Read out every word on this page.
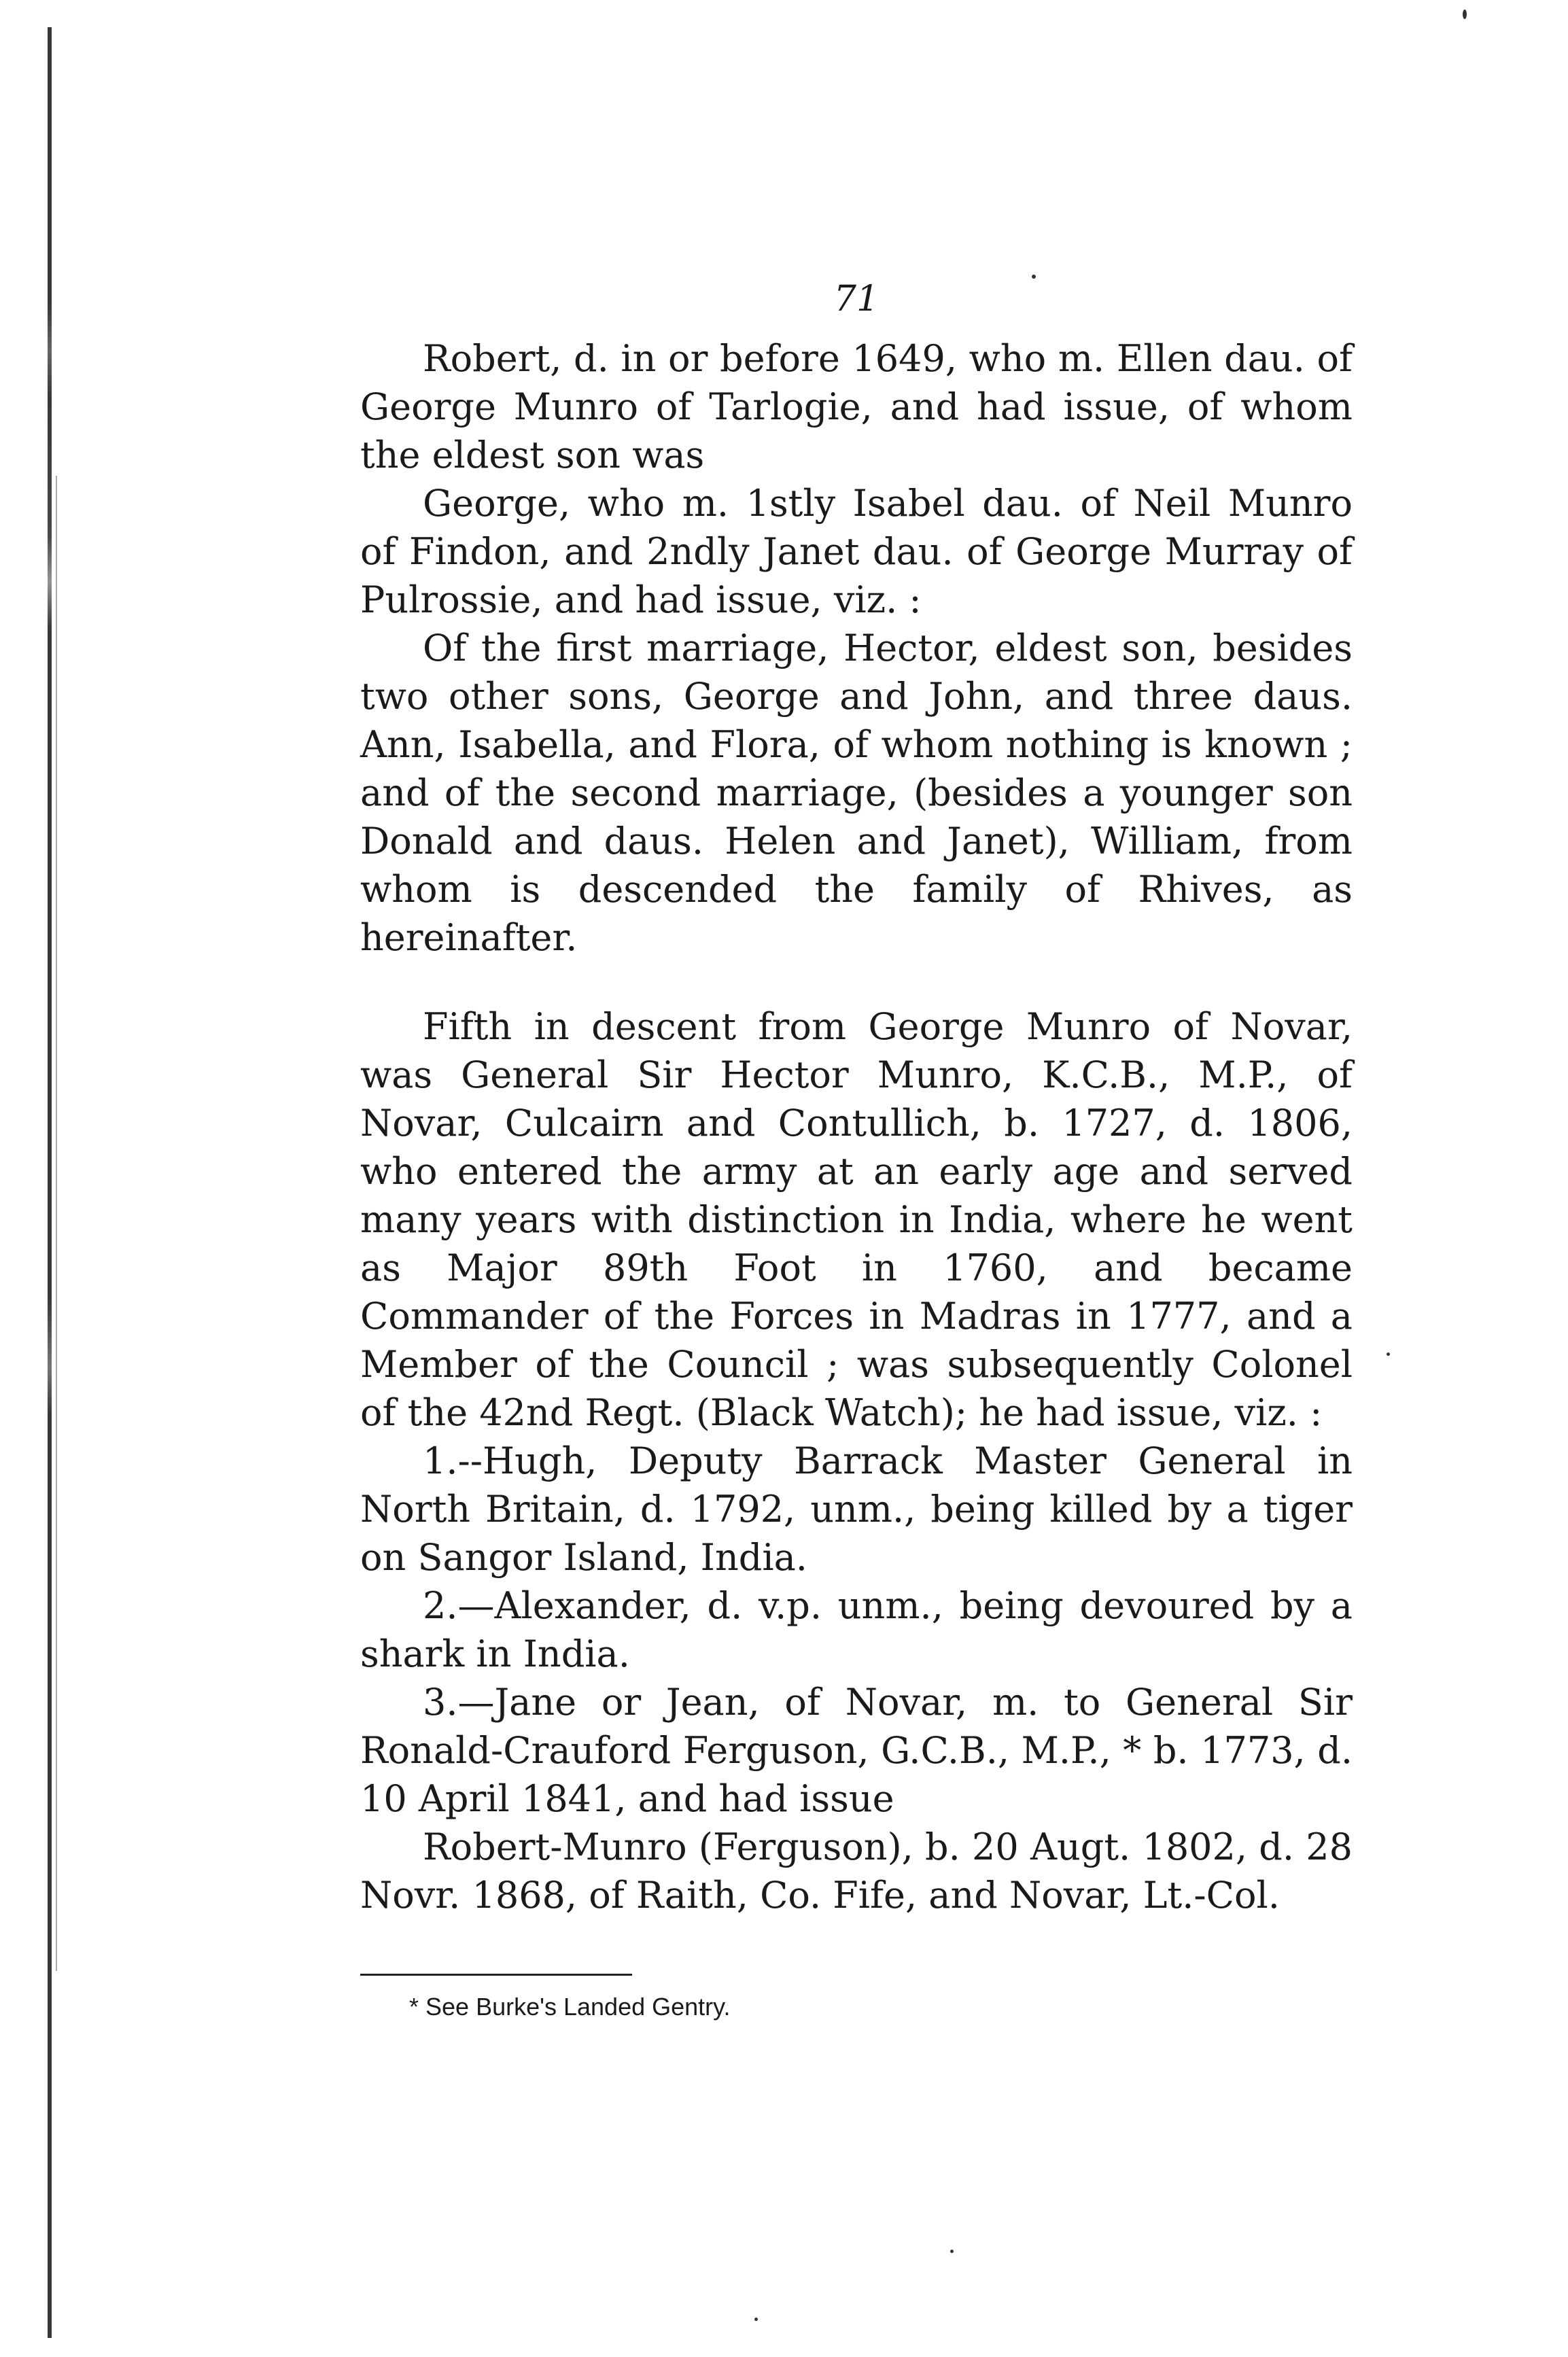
71

Robert, d. in or before 1649, who m. Ellen dau. of George Munro of Tarlogie, and had issue, of whom the eldest son was

George, who m. 1stly Isabel dau. of Neil Munro of Findon, and 2ndly Janet dau. of George Murray of Pulrossie, and had issue, viz. :

Of the first marriage, Hector, eldest son, besides two other sons, George and John, and three daus. Ann, Isabella, and Flora, of whom nothing is known ; and of the second marriage, (besides a younger son Donald and daus. Helen and Janet), William, from whom is descended the family of Rhives, as hereinafter.

Fifth in descent from George Munro of Novar, was General Sir Hector Munro, K.C.B., M.P., of Novar, Culcairn and Contullich, b. 1727, d. 1806, who entered the army at an early age and served many years with distinction in India, where he went as Major 89th Foot in 1760, and became Commander of the Forces in Madras in 1777, and a Member of the Council ; was subsequently Colonel of the 42nd Regt. (Black Watch); he had issue, viz. :

1.--Hugh, Deputy Barrack Master General in North Britain, d. 1792, unm., being killed by a tiger on Sangor Island, India.

2.—Alexander, d. v.p. unm., being devoured by a shark in India.

3.—Jane or Jean, of Novar, m. to General Sir Ronald-Crauford Ferguson, G.C.B., M.P., * b. 1773, d. 10 April 1841, and had issue

Robert-Munro (Ferguson), b. 20 Augt. 1802, d. 28 Novr. 1868, of Raith, Co. Fife, and Novar, Lt.-Col.

* See Burke's Landed Gentry.
